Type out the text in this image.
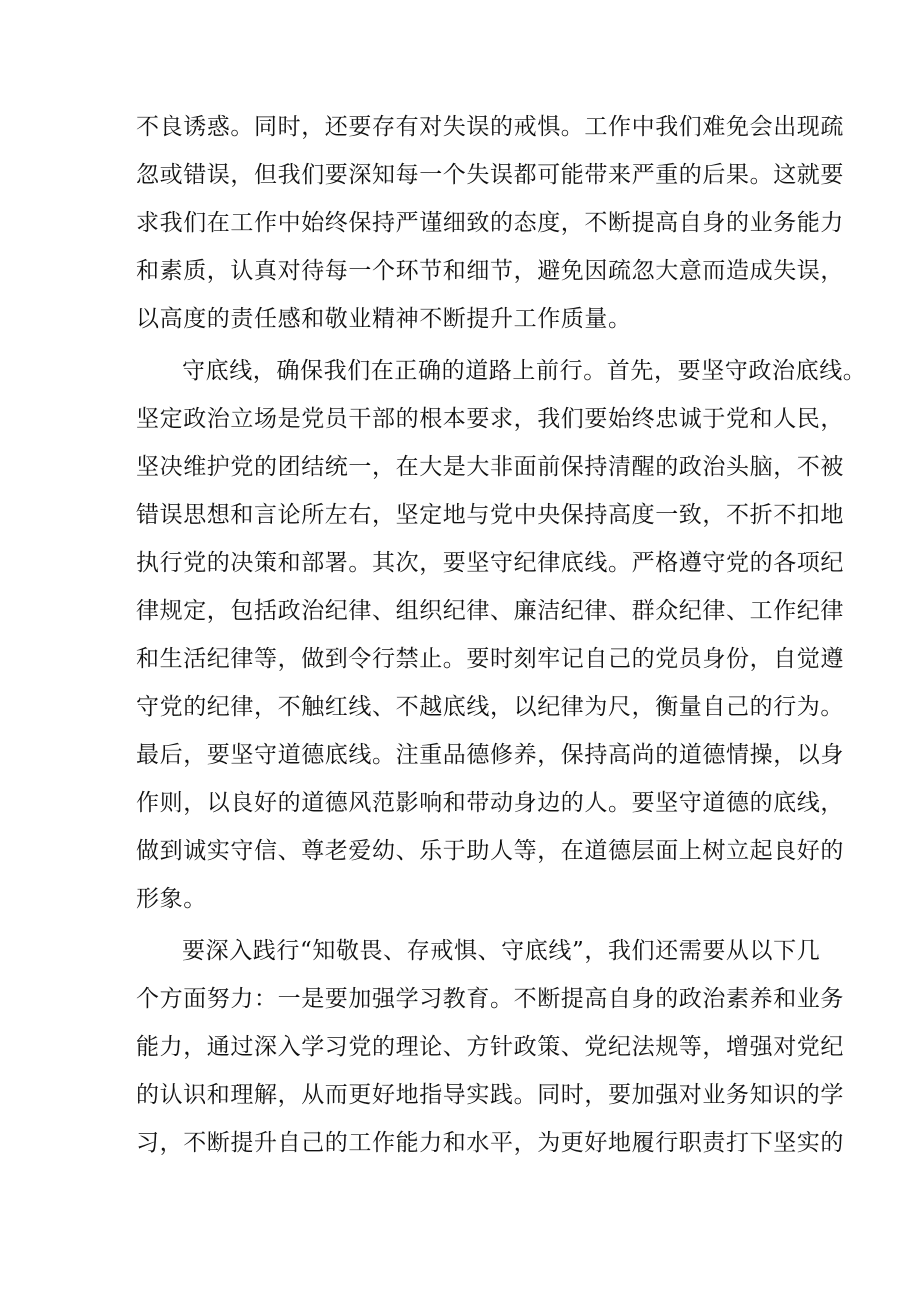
不良诱惑。同时，还要存有对失误的戒惧。工作中我们难免会出现疏
忽或错误，但我们要深知每一个失误都可能带来严重的后果。这就要
求我们在工作中始终保持严谨细致的态度，不断提高自身的业务能力
和素质，认真对待每一个环节和细节，避免因疏忽大意而造成失误，
以高度的责任感和敬业精神不断提升工作质量。
守底线，确保我们在正确的道路上前行。首先，要坚守政治底线。
坚定政治立场是党员干部的根本要求，我们要始终忠诚于党和人民，
坚决维护党的团结统一，在大是大非面前保持清醒的政治头脑，不被
错误思想和言论所左右，坚定地与党中央保持高度一致，不折不扣地
执行党的决策和部署。其次，要坚守纪律底线。严格遵守党的各项纪
律规定，包括政治纪律、组织纪律、廉洁纪律、群众纪律、工作纪律
和生活纪律等，做到令行禁止。要时刻牢记自己的党员身份，自觉遵
守党的纪律，不触红线、不越底线，以纪律为尺，衡量自己的行为。
最后，要坚守道德底线。注重品德修养，保持高尚的道德情操，以身
作则，以良好的道德风范影响和带动身边的人。要坚守道德的底线，
做到诚实守信、尊老爱幼、乐于助人等，在道德层面上树立起良好的
形象。
要深入践行“知敬畏、存戒惧、守底线”，我们还需要从以下几
个方面努力：一是要加强学习教育。不断提高自身的政治素养和业务
能力，通过深入学习党的理论、方针政策、党纪法规等，增强对党纪
的认识和理解，从而更好地指导实践。同时，要加强对业务知识的学
习，不断提升自己的工作能力和水平，为更好地履行职责打下坚实的
